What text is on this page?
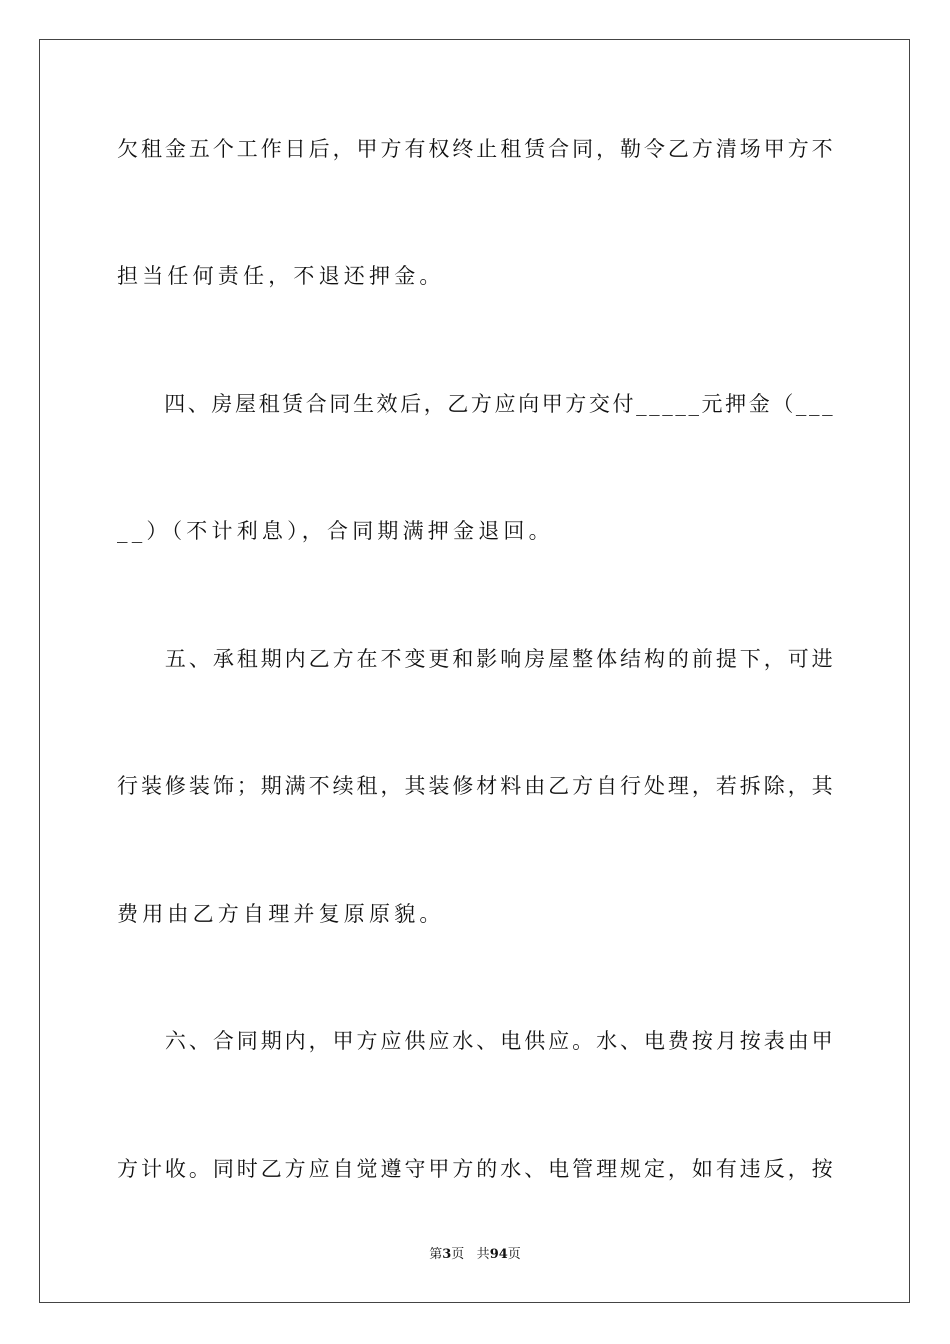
欠 租 金 五 个 工 作 日 后 ， 甲 方 有 权 终 止 租 赁 合 同 ， 勒 令 乙 方 清 场 甲 方 不
担当任何责任，不退还押金。

四 、 房 屋 租 赁 合 同 生 效 后 ， 乙 方 应 向 甲 方 交 付 _ _ _ _ _ 元 押 金 （ _ _ _
__）（不计利息），合同期满押金退回。

五 、 承 租 期 内 乙 方 在 不 变 更 和 影 响 房 屋 整 体 结 构 的 前 提 下 ， 可 进
行 装 修 装 饰 ； 期 满 不 续 租 ， 其 装 修 材 料 由 乙 方 自 行 处 理 ， 若 拆 除 ， 其
费用由乙方自理并复原原貌。

六 、 合 同 期 内 ， 甲 方 应 供 应 水 、 电 供 应 。 水 、 电 费 按 月 按 表 由 甲
方 计 收 。 同 时 乙 方 应 自 觉 遵 守 甲 方 的 水 、 电 管 理 规 定 ， 如 有 违 反 ， 按
第3页 共94页
